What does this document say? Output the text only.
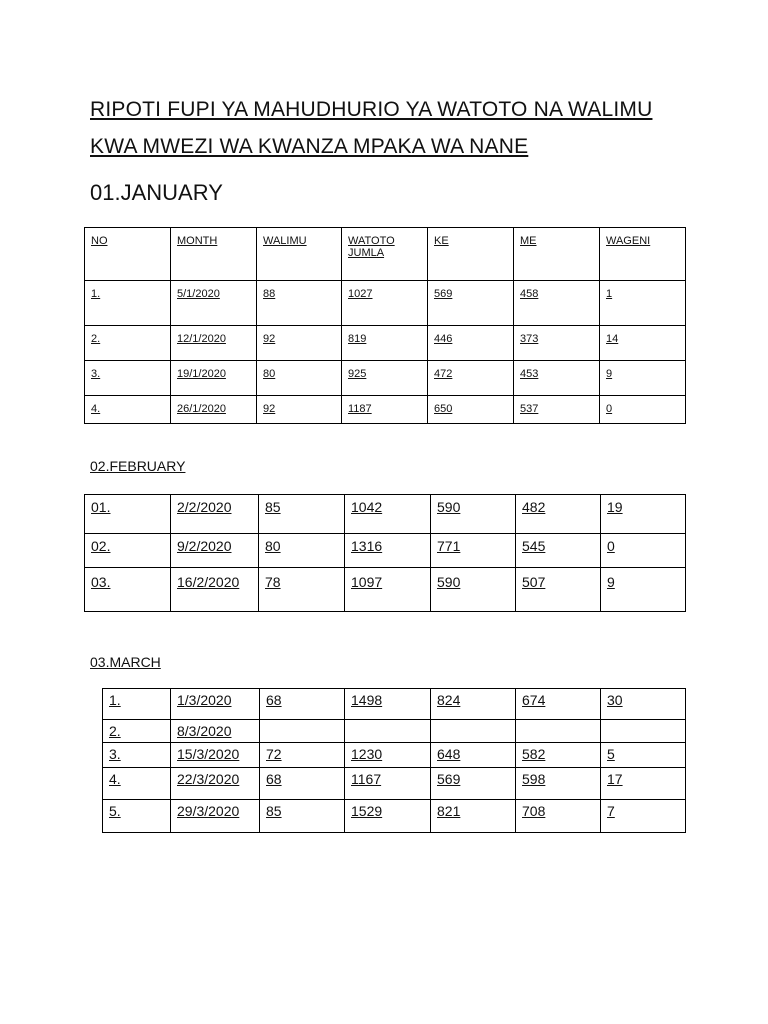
RIPOTI FUPI YA MAHUDHURIO YA WATOTO NA WALIMU
KWA MWEZI WA KWANZA MPAKA WA NANE
01.JANUARY
NO	MONTH	WALIMU	WATOTO JUMLA	KE	ME	WAGENI
1.	5/1/2020	88	1027	569	458	1
2.	12/1/2020	92	819	446	373	14
3.	19/1/2020	80	925	472	453	9
4.	26/1/2020	92	1187	650	537	0
02.FEBRUARY
01.	2/2/2020	85	1042	590	482	19
02.	9/2/2020	80	1316	771	545	0
03.	16/2/2020	78	1097	590	507	9
03.MARCH
1.	1/3/2020	68	1498	824	674	30
2.	8/3/2020					
3.	15/3/2020	72	1230	648	582	5
4.	22/3/2020	68	1167	569	598	17
5.	29/3/2020	85	1529	821	708	7
